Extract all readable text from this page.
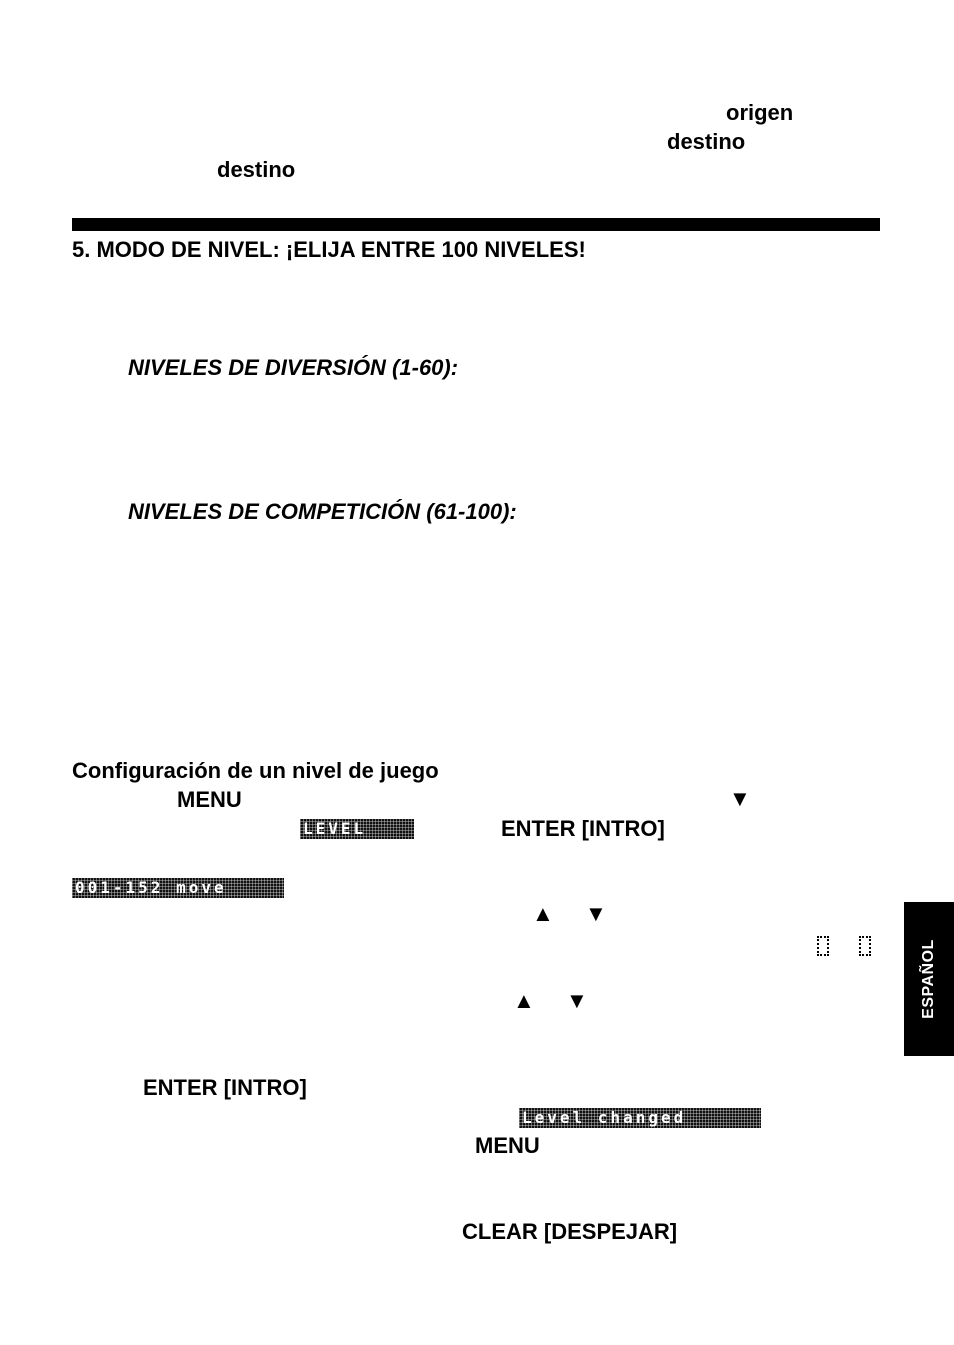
origen
destino
destino
5. MODO DE NIVEL: ¡ELIJA ENTRE 100 NIVELES!
NIVELES DE DIVERSIÓN (1-60):
NIVELES DE COMPETICIÓN (61-100):
Configuración de un nivel de juego
MENU	▼
LEVEL	ENTER [INTRO]
001-152 move
▲ ▼
▲ ▼
ENTER [INTRO]
Level changed
MENU
CLEAR [DESPEJAR]
ESPAÑOL
